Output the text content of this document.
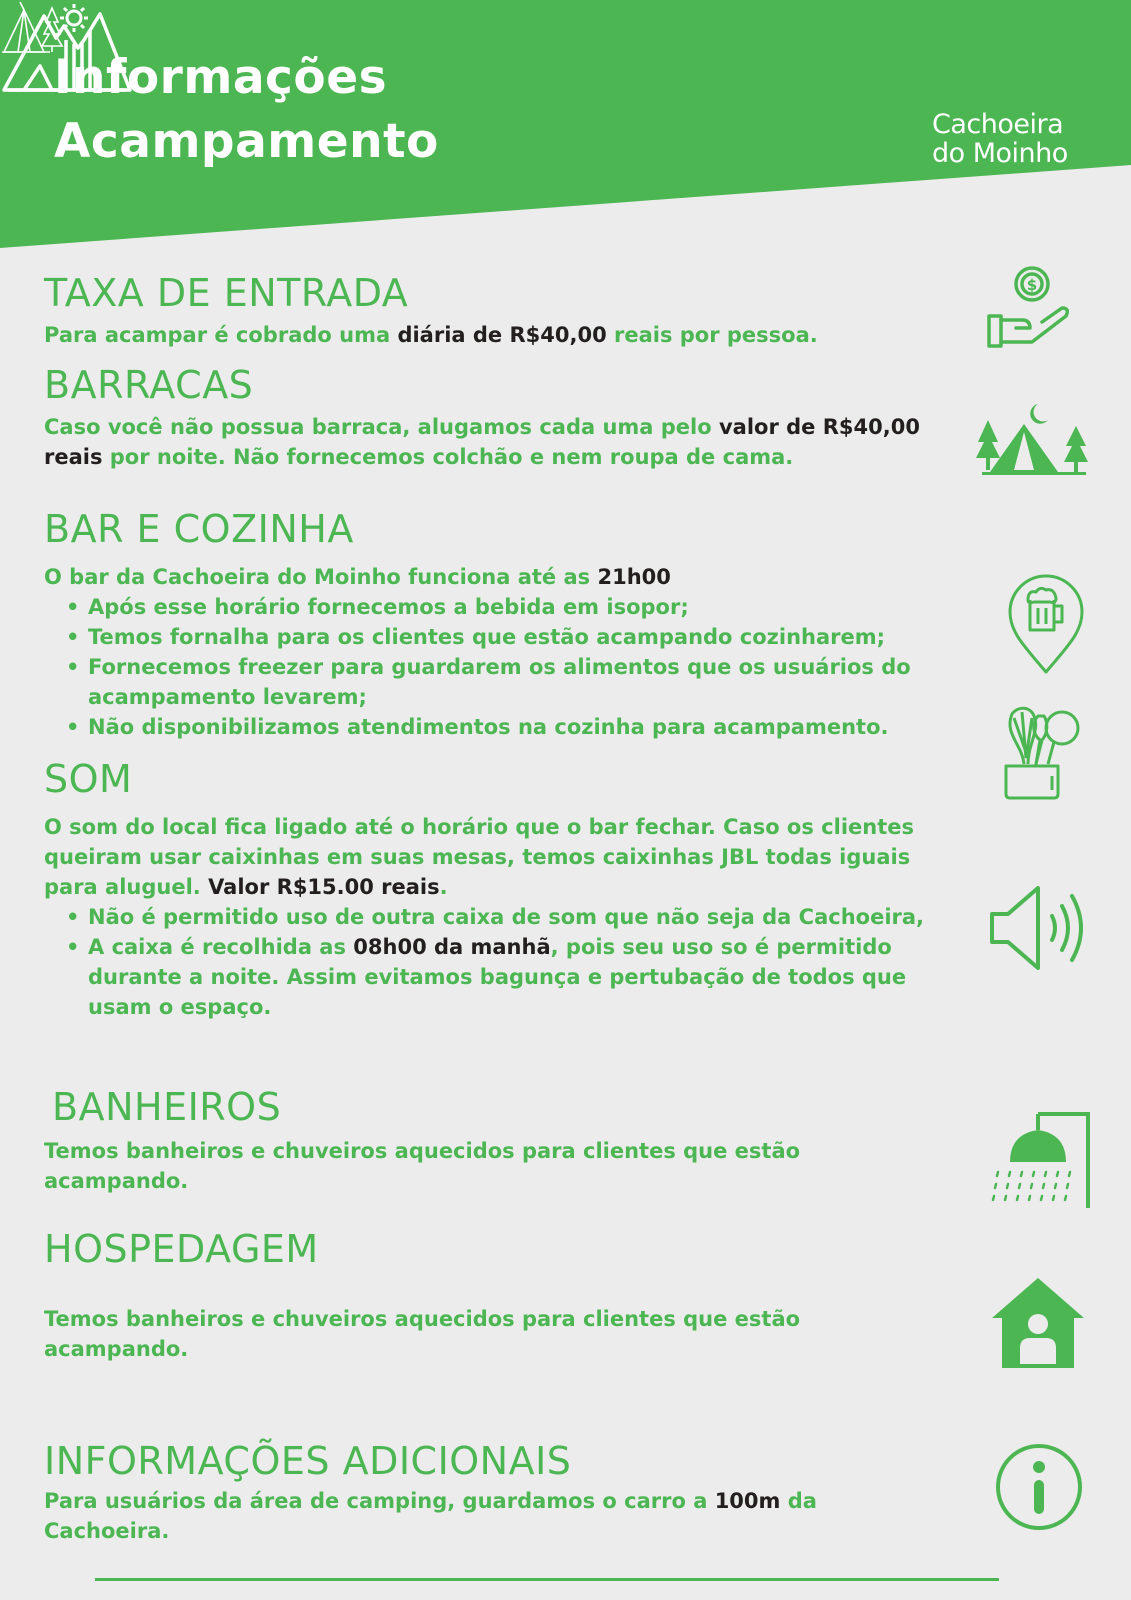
Informações
Acampamento	Cachoeira
do Moinho
TAXA DE ENTRADA

Para acampar é cobrado uma diária de R$40,00 reais por pessoa.

$
BARRACAS

Caso você não possua barraca, alugamos cada uma pelo valor de R$40,00 reais por noite. Não fornecemos colchão e nem roupa de cama.

BAR E COZINHA

O bar da Cachoeira do Moinho funciona até as 21h00

• Após esse horário fornecemos a bebida em isopor;
• Temos fornalha para os clientes que estão acampando cozinharem;
• Fornecemos freezer para guardarem os alimentos que os usuários do acampamento levarem;
• Não disponibilizamos atendimentos na cozinha para acampamento.
SOM

O som do local fica ligado até o horário que o bar fechar. Caso os clientes queiram usar caixinhas em suas mesas, temos caixinhas JBL todas iguais para aluguel. Valor R$15.00 reais.

• Não é permitido uso de outra caixa de som que não seja da Cachoeira,
• A caixa é recolhida as 08h00 da manhã, pois seu uso so é permitido durante a noite. Assim evitamos bagunça e pertubação de todos que usam o espaço.
BANHEIROS

Temos banheiros e chuveiros aquecidos para clientes que estão acampando.

HOSPEDAGEM

Temos banheiros e chuveiros aquecidos para clientes que estão acampando.

INFORMAÇÕES ADICIONAIS

Para usuários da área de camping, guardamos o carro a 100m da Cachoeira.
